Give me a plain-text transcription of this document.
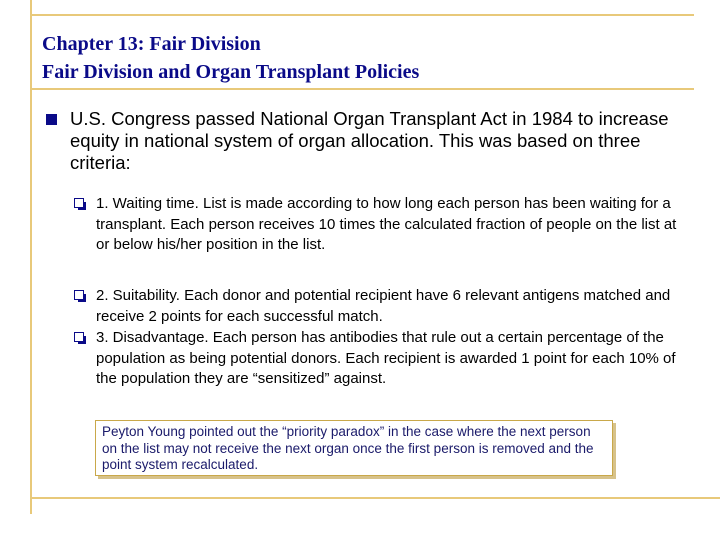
Chapter 13: Fair Division
Fair Division and Organ Transplant Policies
U.S. Congress passed National Organ Transplant Act in 1984 to increase equity in national system of organ allocation. This was based on three criteria:
1. Waiting time. List is made according to how long each person has been waiting for a transplant. Each person receives 10 times the calculated fraction of people on the list at or below his/her position in the list.
2. Suitability. Each donor and potential recipient have 6 relevant antigens matched and receive 2 points for each successful match.
3. Disadvantage. Each person has antibodies that rule out a certain percentage of the population as being potential donors. Each recipient is awarded 1 point for each 10% of the population they are “sensitized” against.
Peyton Young pointed out the “priority paradox” in the case where the next person on the list may not receive the next organ once the first person is removed and the point system recalculated.
